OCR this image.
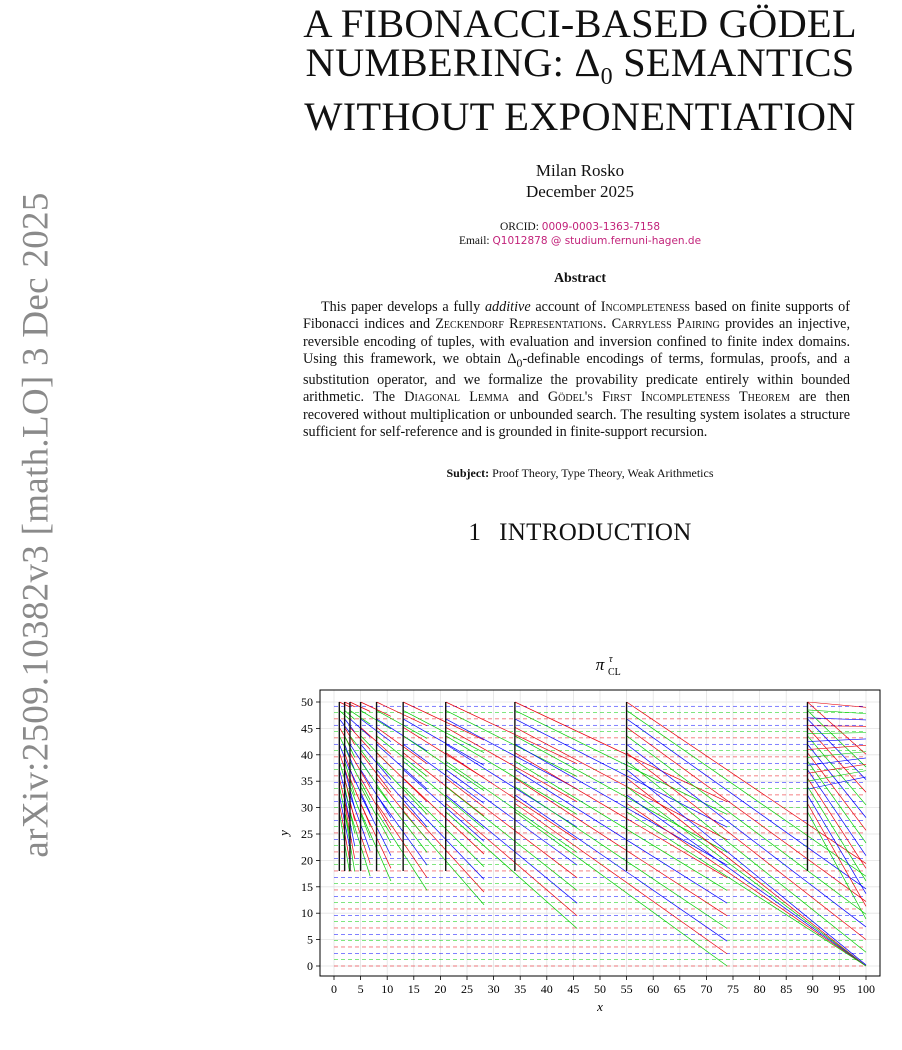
arXiv:2509.10382v3 [math.LO] 3 Dec 2025
A FIBONACCI-BASED GÖDEL
NUMBERING: Δ0 SEMANTICS
WITHOUT EXPONENTIATION
Milan Rosko
December 2025
ORCID: 0009-0003-1363-7158
Email: Q1012878 @ studium.fernuni-hagen.de
Abstract

This paper develops a fully additive account of Incompleteness based on finite supports of Fibonacci indices and Zeckendorf Representations. Carryless Pairing provides an injective, reversible encoding of tuples, with evaluation and inversion confined to finite index domains. Using this framework, we obtain $\Delta_0$-definable encodings of terms, formulas, proofs, and a substitution operator, and we formalize the provability predicate entirely within bounded arithmetic. The Diagonal Lemma and Gödel's First Incompleteness Theorem are then recovered without multiplication or unbounded search. The resulting system isolates a structure sufficient for self-reference and is grounded in finite-support recursion.

Subject: Proof Theory, Type Theory, Weak Arithmetics
1 INTRODUCTION
π τ
CL
0 5 10 15 20 25 30 35 40 45 50 55 60 65 70 75 80 85 90 95 100
0
5
10
15
20
25
30
35
40
45
50
x
y
